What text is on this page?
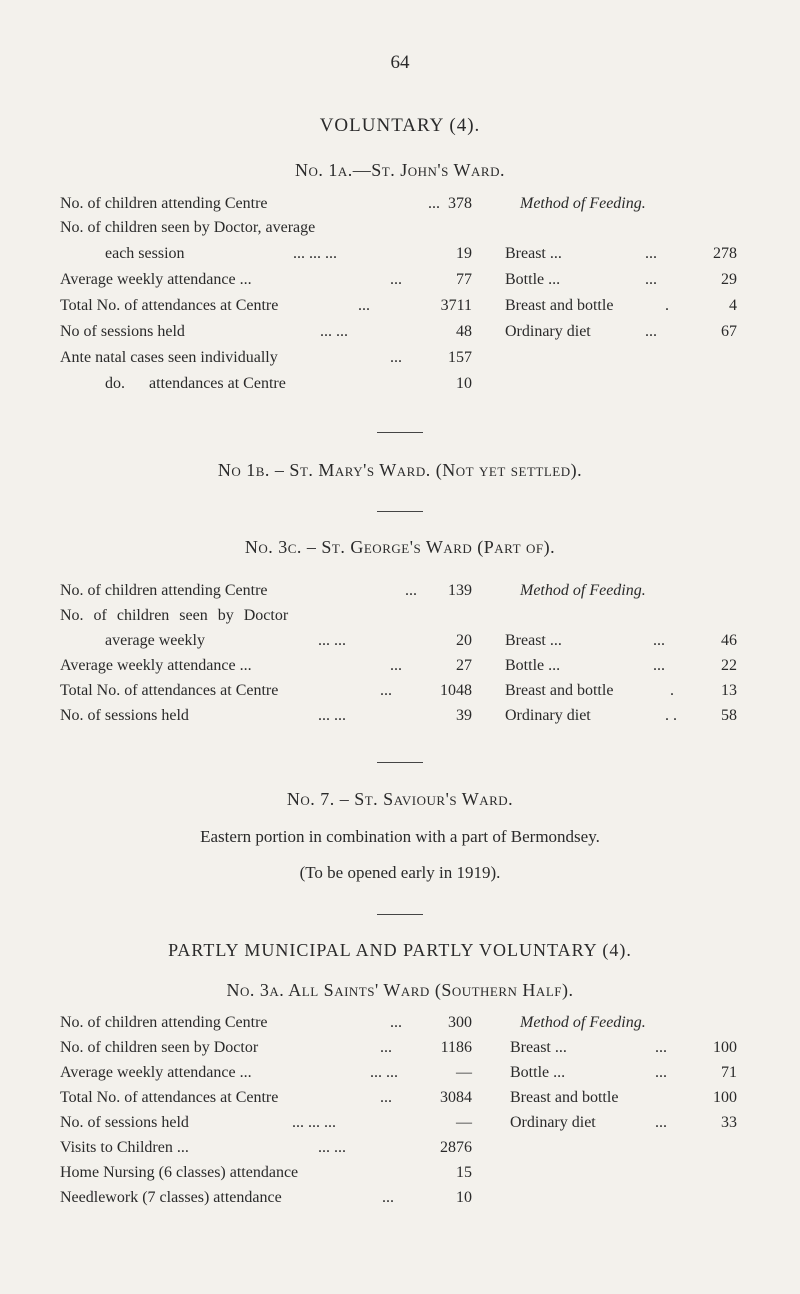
64
VOLUNTARY (4).
No. 1a.—St. John's Ward.
No. of children attending Centre	... 378
No. of children seen by Doctor, average
each session	... ... ...	19
Average weekly attendance ...	...	77
Total No. of attendances at Centre	...	3711
No of sessions held	... ...	48
Ante natal cases seen individually	...	157
do.      attendances at Centre	10
Method of Feeding.
Breast ...	...	278
Bottle ...	...	29
Breast and bottle	.	4
Ordinary diet	...	67
No 1b. – St. Mary's Ward. (Not yet settled).
No. 3c. – St. George's Ward (Part of).
No. of children attending Centre	... 139
No. of children seen by Doctor
average weekly	... ...	20
Average weekly attendance ...	...	27
Total No. of attendances at Centre	...	1048
No. of sessions held	... ...	39
Method of Feeding.
Breast ...	...	46
Bottle ...	...	22
Breast and bottle	.	13
Ordinary diet	. .	58
No. 7. – St. Saviour's Ward.
Eastern portion in combination with a part of Bermondsey.
(To be opened early in 1919).
PARTLY MUNICIPAL AND PARTLY VOLUNTARY (4).
No. 3a. All Saints' Ward (Southern Half).
No. of children attending Centre	...	300
No. of children seen by Doctor	...	1186
Average weekly attendance ...	... ...	—
Total No. of attendances at Centre	...	3084
No. of sessions held	... ... ...	—
Visits to Children ...	... ...	2876
Home Nursing (6 classes) attendance	15
Needlework (7 classes) attendance	...	10
Method of Feeding.
Breast ...	...	100
Bottle ...	...	71
Breast and bottle	100
Ordinary diet	...	33
